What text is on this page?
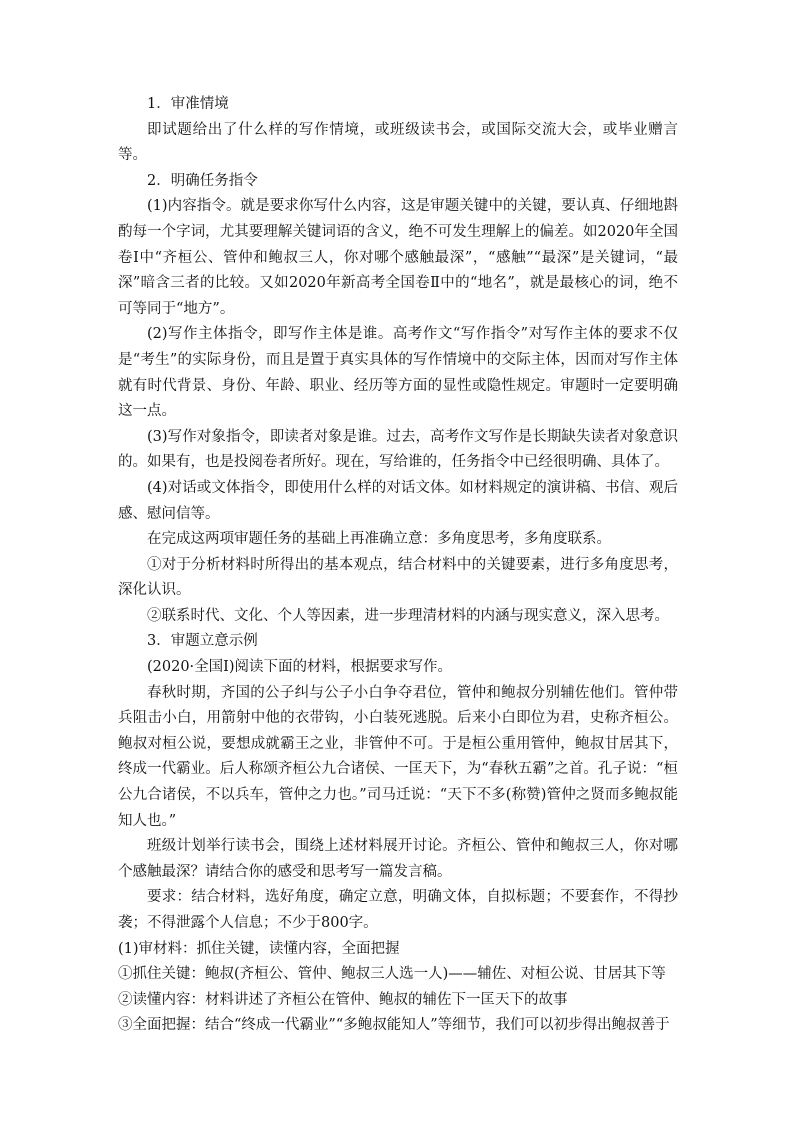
1．审准情境

即试题给出了什么样的写作情境，或班级读书会，或国际交流大会，或毕业赠言等。

2．明确任务指令

(1)内容指令。就是要求你写什么内容，这是审题关键中的关键，要认真、仔细地斟酌每一个字词，尤其要理解关键词语的含义，绝不可发生理解上的偏差。如2020年全国卷Ⅰ中“齐桓公、管仲和鲍叔三人，你对哪个感触最深”，“感触”“最深”是关键词，“最深”暗含三者的比较。又如2020年新高考全国卷Ⅱ中的“地名”，就是最核心的词，绝不可等同于“地方”。

(2)写作主体指令，即写作主体是谁。高考作文“写作指令”对写作主体的要求不仅是“考生”的实际身份，而且是置于真实具体的写作情境中的交际主体，因而对写作主体就有时代背景、身份、年龄、职业、经历等方面的显性或隐性规定。审题时一定要明确这一点。

(3)写作对象指令，即读者对象是谁。过去，高考作文写作是长期缺失读者对象意识的。如果有，也是投阅卷者所好。现在，写给谁的，任务指令中已经很明确、具体了。

(4)对话或文体指令，即使用什么样的对话文体。如材料规定的演讲稿、书信、观后感、慰问信等。

在完成这两项审题任务的基础上再准确立意：多角度思考，多角度联系。

①对于分析材料时所得出的基本观点，结合材料中的关键要素，进行多角度思考，深化认识。

②联系时代、文化、个人等因素，进一步理清材料的内涵与现实意义，深入思考。

3．审题立意示例

(2020·全国Ⅰ)阅读下面的材料，根据要求写作。

春秋时期，齐国的公子纠与公子小白争夺君位，管仲和鲍叔分别辅佐他们。管仲带兵阻击小白，用箭射中他的衣带钩，小白装死逃脱。后来小白即位为君，史称齐桓公。鲍叔对桓公说，要想成就霸王之业，非管仲不可。于是桓公重用管仲，鲍叔甘居其下，终成一代霸业。后人称颂齐桓公九合诸侯、一匡天下，为“春秋五霸”之首。孔子说：“桓公九合诸侯，不以兵车，管仲之力也。”司马迁说：“天下不多(称赞)管仲之贤而多鲍叔能知人也。”

班级计划举行读书会，围绕上述材料展开讨论。齐桓公、管仲和鲍叔三人，你对哪个感触最深？请结合你的感受和思考写一篇发言稿。

要求：结合材料，选好角度，确定立意，明确文体，自拟标题；不要套作，不得抄袭；不得泄露个人信息；不少于800字。

(1)审材料：抓住关键，读懂内容，全面把握

①抓住关键：鲍叔(齐桓公、管仲、鲍叔三人选一人)——辅佐、对桓公说、甘居其下等

②读懂内容：材料讲述了齐桓公在管仲、鲍叔的辅佐下一匡天下的故事

③全面把握：结合“终成一代霸业”“多鲍叔能知人”等细节，我们可以初步得出鲍叔善于
